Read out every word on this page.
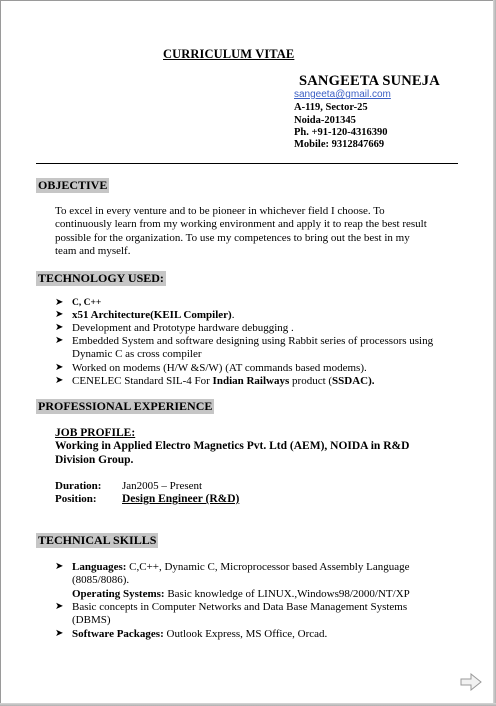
CURRICULUM VITAE
SANGEETA SUNEJA
sangeeta@gmail.com
A-119, Sector-25
Noida-201345
Ph. +91-120-4316390
Mobile: 9312847669
OBJECTIVE
To excel in every venture and to be pioneer in whichever field I choose. To
continuously learn from my working environment and apply it to reap the best result
possible for the organization. To use my competences to bring out the best in my
team and myself.
TECHNOLOGY USED:
➤ C, C++
➤ x51 Architecture(KEIL Compiler).
➤ Development and Prototype hardware debugging .
➤ Embedded System and software designing using Rabbit series of processors using
Dynamic C as cross compiler
➤ Worked on modems (H/W &S/W) (AT commands based modems).
➤ CENELEC Standard SIL-4 For Indian Railways product (SSDAC).
PROFESSIONAL EXPERIENCE
JOB PROFILE:
Working in Applied Electro Magnetics Pvt. Ltd (AEM), NOIDA in R&D
Division Group.
Duration: Jan2005 – Present
Position: Design Engineer (R&D)
TECHNICAL SKILLS
➤ Languages: C,C++, Dynamic C, Microprocessor based Assembly Language
(8085/8086).
Operating Systems: Basic knowledge of LINUX.,Windows98/2000/NT/XP
➤ Basic concepts in Computer Networks and Data Base Management Systems
(DBMS)
➤ Software Packages: Outlook Express, MS Office, Orcad.
